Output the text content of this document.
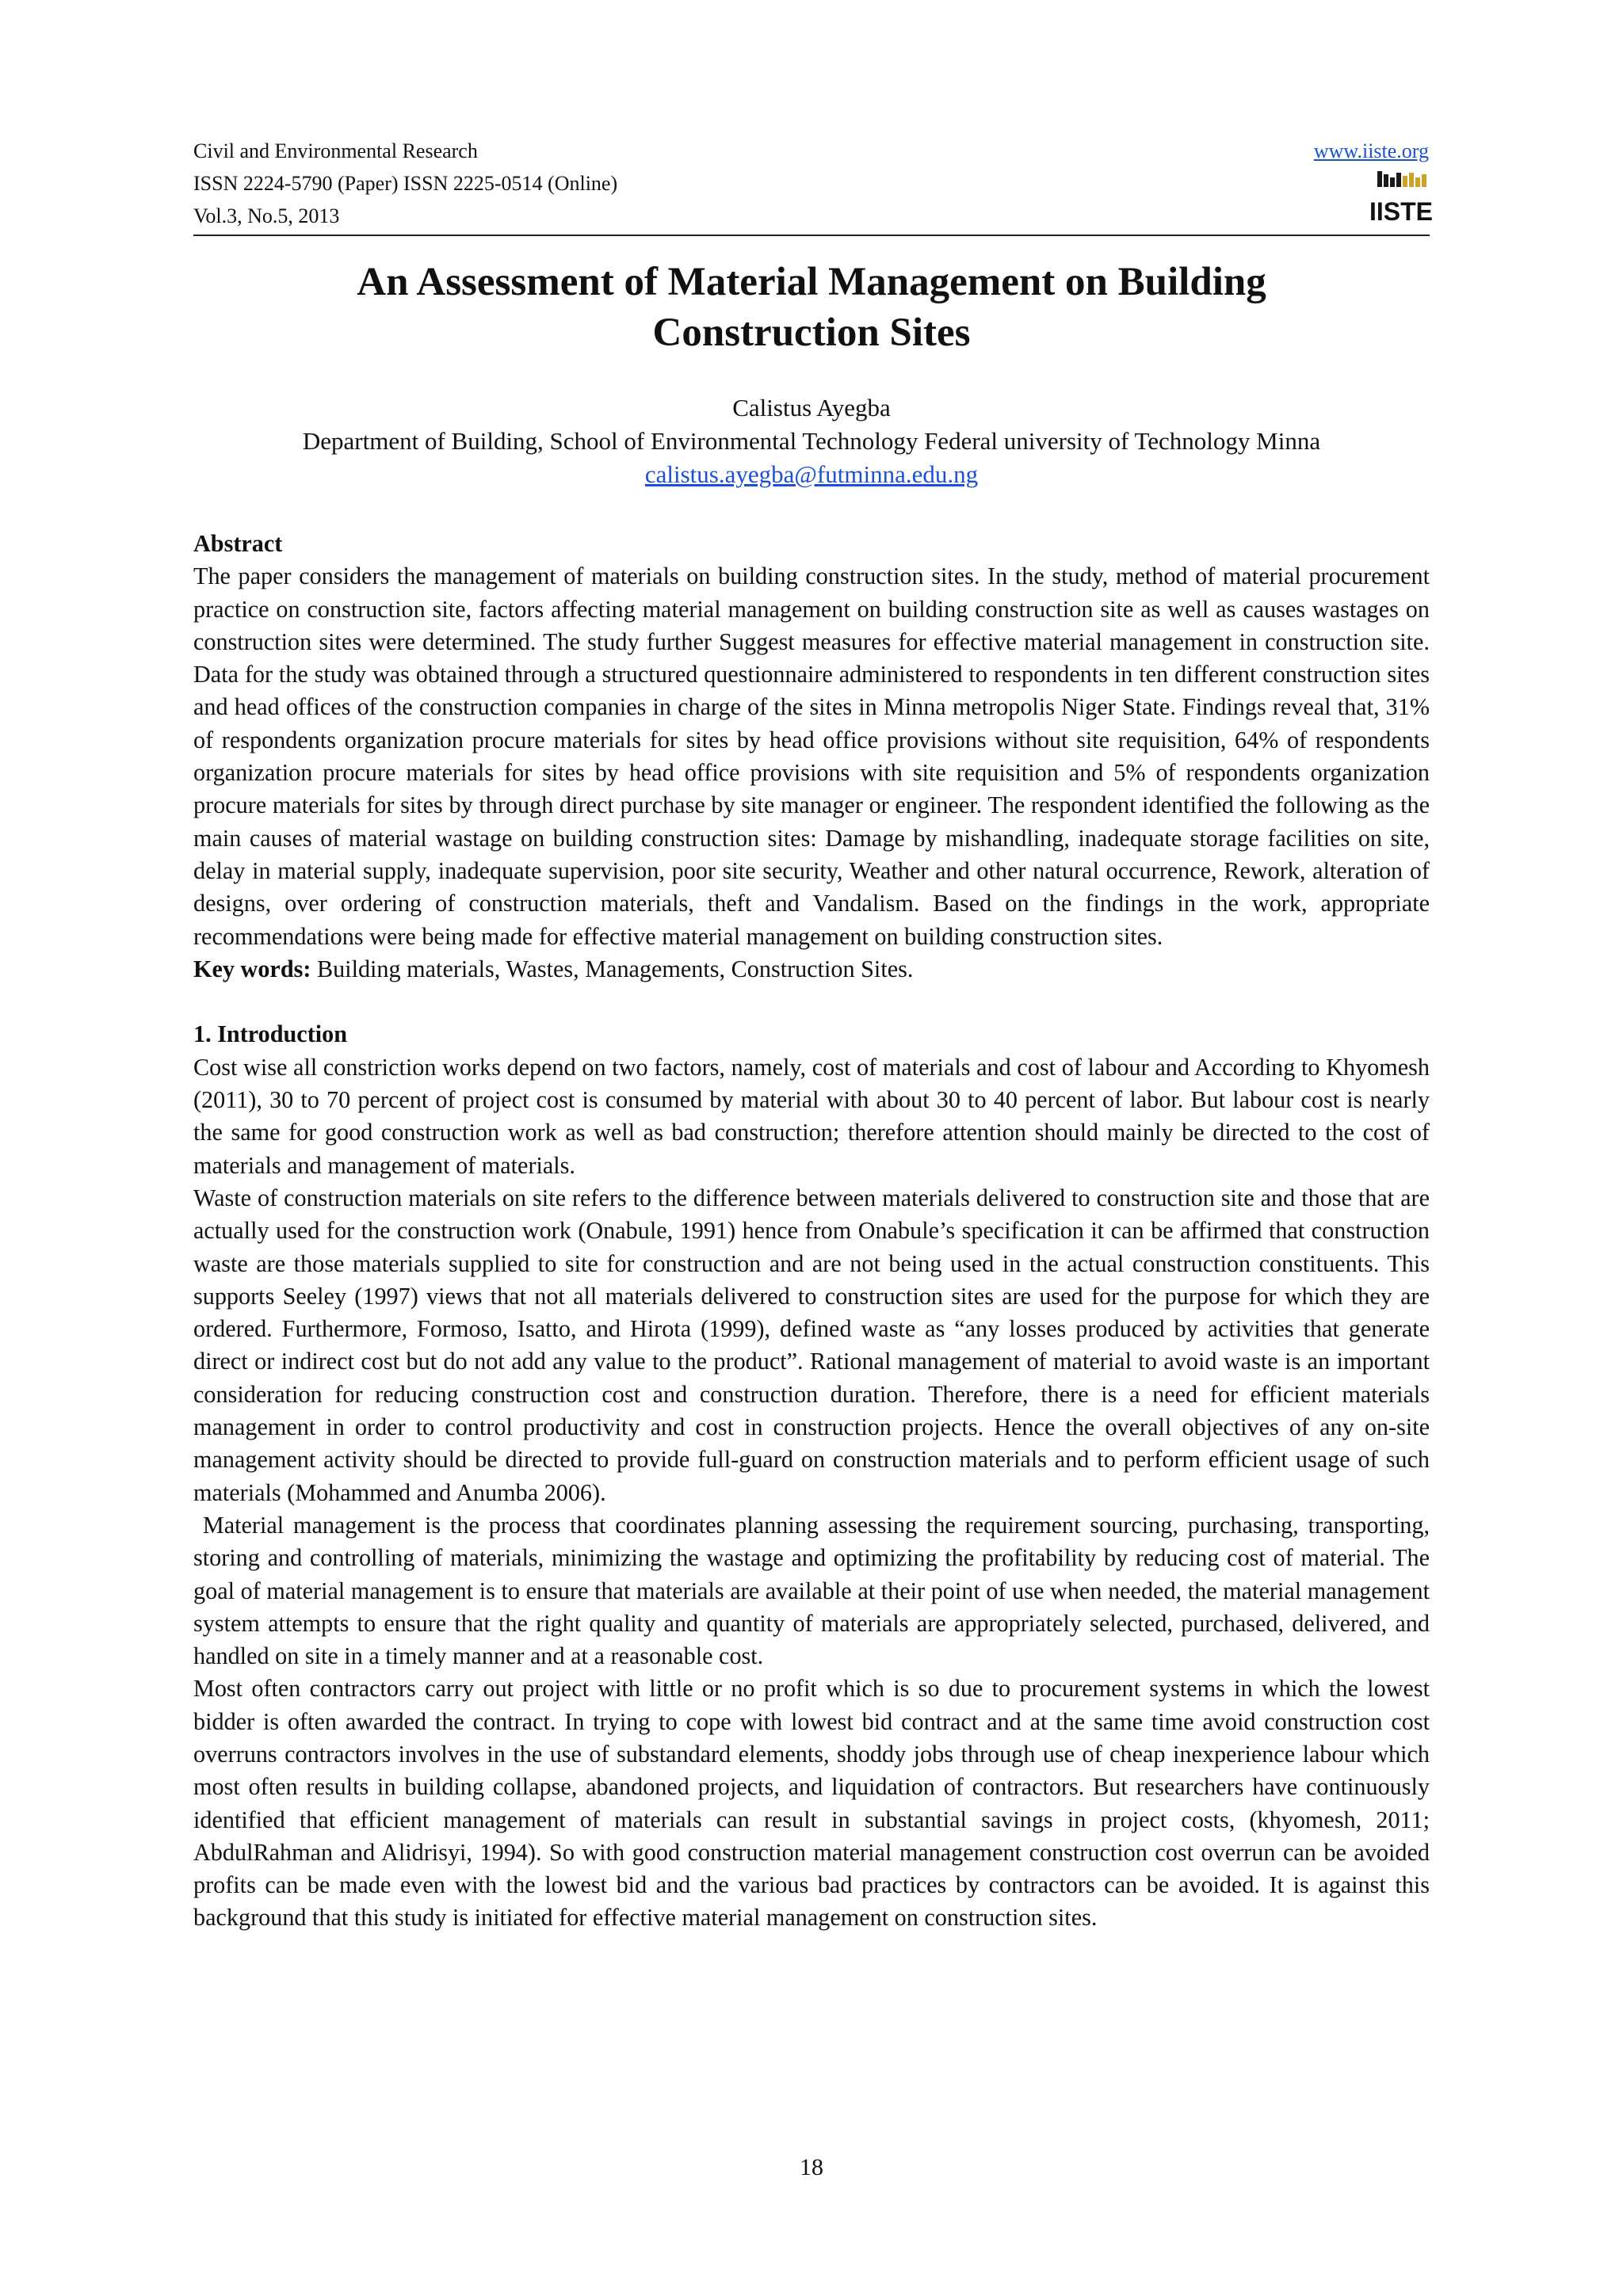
Civil and Environmental Research
ISSN 2224-5790 (Paper) ISSN 2225-0514 (Online)
Vol.3, No.5, 2013
www.iiste.org
IISTE
An Assessment of Material Management on Building
Construction Sites
Calistus Ayegba
Department of Building, School of Environmental Technology Federal university of Technology Minna
calistus.ayegba@futminna.edu.ng
Abstract

The paper considers the management of materials on building construction sites. In the study, method of material procurement practice on construction site, factors affecting material management on building construction site as well as causes wastages on construction sites were determined. The study further Suggest measures for effective material management in construction site. Data for the study was obtained through a structured questionnaire administered to respondents in ten different construction sites and head offices of the construction companies in charge of the sites in Minna metropolis Niger State. Findings reveal that, 31% of respondents organization procure materials for sites by head office provisions without site requisition, 64% of respondents organization procure materials for sites by head office provisions with site requisition and 5% of respondents organization procure materials for sites by through direct purchase by site manager or engineer. The respondent identified the following as the main causes of material wastage on building construction sites: Damage by mishandling, inadequate storage facilities on site, delay in material supply, inadequate supervision, poor site security, Weather and other natural occurrence, Rework, alteration of designs, over ordering of construction materials, theft and Vandalism. Based on the findings in the work, appropriate recommendations were being made for effective material management on building construction sites.

Key words: Building materials, Wastes, Managements, Construction Sites.

1. Introduction

Cost wise all constriction works depend on two factors, namely, cost of materials and cost of labour and According to Khyomesh (2011), 30 to 70 percent of project cost is consumed by material with about 30 to 40 percent of labor. But labour cost is nearly the same for good construction work as well as bad construction; therefore attention should mainly be directed to the cost of materials and management of materials.

Waste of construction materials on site refers to the difference between materials delivered to construction site and those that are actually used for the construction work (Onabule, 1991) hence from Onabule’s specification it can be affirmed that construction waste are those materials supplied to site for construction and are not being used in the actual construction constituents. This supports Seeley (1997) views that not all materials delivered to construction sites are used for the purpose for which they are ordered. Furthermore, Formoso, Isatto, and Hirota (1999), defined waste as “any losses produced by activities that generate direct or indirect cost but do not add any value to the product”. Rational management of material to avoid waste is an important consideration for reducing construction cost and construction duration. Therefore, there is a need for efficient materials management in order to control productivity and cost in construction projects. Hence the overall objectives of any on-site management activity should be directed to provide full-guard on construction materials and to perform efficient usage of such materials (Mohammed and Anumba 2006).

Material management is the process that coordinates planning assessing the requirement sourcing, purchasing, transporting, storing and controlling of materials, minimizing the wastage and optimizing the profitability by reducing cost of material. The goal of material management is to ensure that materials are available at their point of use when needed, the material management system attempts to ensure that the right quality and quantity of materials are appropriately selected, purchased, delivered, and handled on site in a timely manner and at a reasonable cost.

Most often contractors carry out project with little or no profit which is so due to procurement systems in which the lowest bidder is often awarded the contract. In trying to cope with lowest bid contract and at the same time avoid construction cost overruns contractors involves in the use of substandard elements, shoddy jobs through use of cheap inexperience labour which most often results in building collapse, abandoned projects, and liquidation of contractors. But researchers have continuously identified that efficient management of materials can result in substantial savings in project costs, (khyomesh, 2011; AbdulRahman and Alidrisyi, 1994). So with good construction material management construction cost overrun can be avoided profits can be made even with the lowest bid and the various bad practices by contractors can be avoided. It is against this background that this study is initiated for effective material management on construction sites.

18
